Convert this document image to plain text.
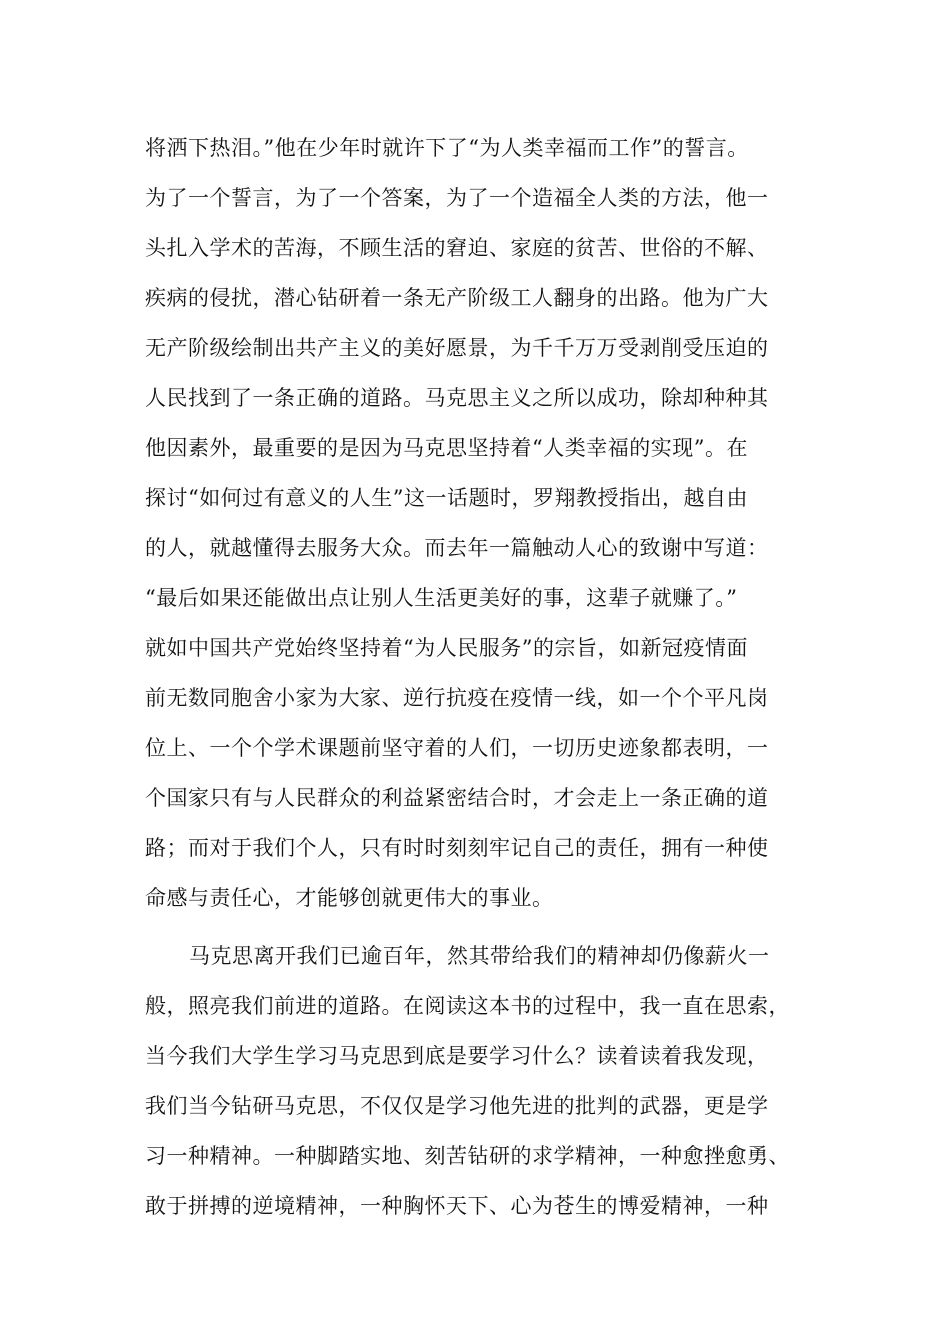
将洒下热泪。”他在少年时就许下了“为人类幸福而工作”的誓言。
为了一个誓言，为了一个答案，为了一个造福全人类的方法，他一
头扎入学术的苦海，不顾生活的窘迫、家庭的贫苦、世俗的不解、
疾病的侵扰，潜心钻研着一条无产阶级工人翻身的出路。他为广大
无产阶级绘制出共产主义的美好愿景，为千千万万受剥削受压迫的
人民找到了一条正确的道路。马克思主义之所以成功，除却种种其
他因素外，最重要的是因为马克思坚持着“人类幸福的实现”。在
探讨“如何过有意义的人生”这一话题时，罗翔教授指出，越自由
的人，就越懂得去服务大众。而去年一篇触动人心的致谢中写道：
“最后如果还能做出点让别人生活更美好的事，这辈子就赚了。”
就如中国共产党始终坚持着“为人民服务”的宗旨，如新冠疫情面
前无数同胞舍小家为大家、逆行抗疫在疫情一线，如一个个平凡岗
位上、一个个学术课题前坚守着的人们，一切历史迹象都表明，一
个国家只有与人民群众的利益紧密结合时，才会走上一条正确的道
路；而对于我们个人，只有时时刻刻牢记自己的责任，拥有一种使
命感与责任心，才能够创就更伟大的事业。
马克思离开我们已逾百年，然其带给我们的精神却仍像薪火一
般，照亮我们前进的道路。在阅读这本书的过程中，我一直在思索，
当今我们大学生学习马克思到底是要学习什么？读着读着我发现，
我们当今钻研马克思，不仅仅是学习他先进的批判的武器，更是学
习一种精神。一种脚踏实地、刻苦钻研的求学精神，一种愈挫愈勇、
敢于拼搏的逆境精神，一种胸怀天下、心为苍生的博爱精神，一种
